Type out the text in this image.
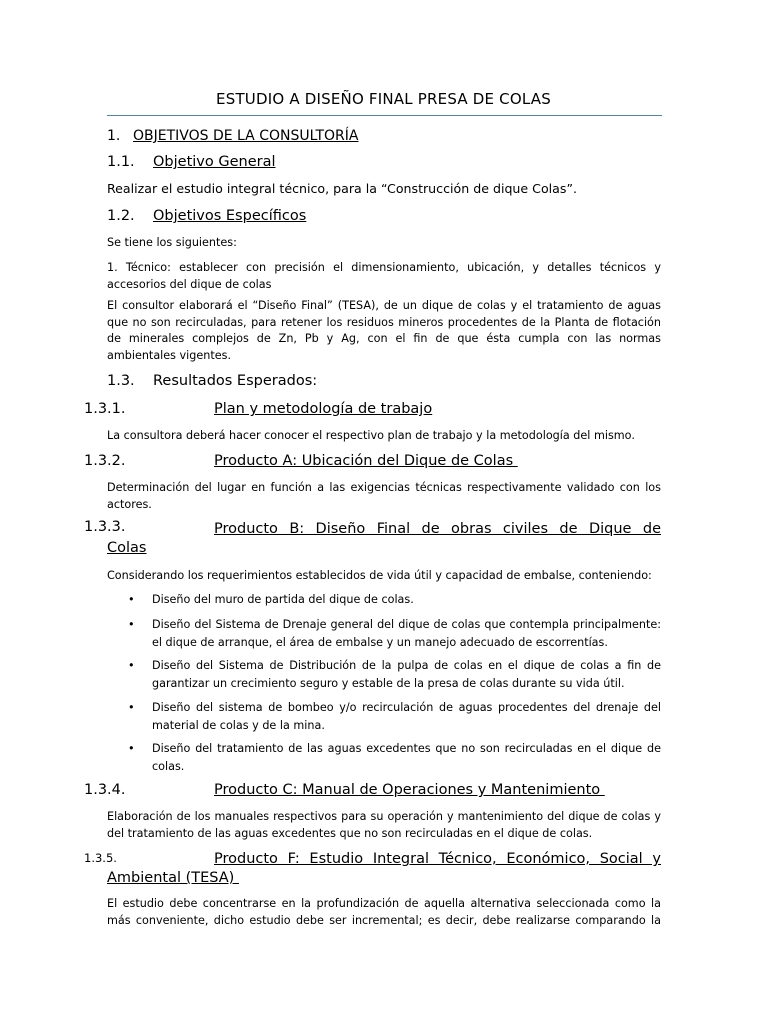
ESTUDIO A DISEÑO FINAL PRESA DE COLAS
1. OBJETIVOS DE LA CONSULTORÍA
1.1. Objetivo General
Realizar el estudio integral técnico, para la “Construcción de dique Colas”.
1.2. Objetivos Específicos
Se tiene los siguientes:
1. Técnico: establecer con precisión el dimensionamiento, ubicación, y detalles técnicos y
accesorios del dique de colas
El consultor elaborará el “Diseño Final” (TESA), de un dique de colas y el tratamiento de aguas
que no son recirculadas, para retener los residuos mineros procedentes de la Planta de flotación
de minerales complejos de Zn, Pb y Ag, con el fin de que ésta cumpla con las normas
ambientales vigentes.
1.3. Resultados Esperados:
1.3.1.	Plan y metodología de trabajo
La consultora deberá hacer conocer el respectivo plan de trabajo y la metodología del mismo.
1.3.2.	Producto A: Ubicación del Dique de Colas
Determinación del lugar en función a las exigencias técnicas respectivamente validado con los
actores.
1.3.3.	Producto B: Diseño Final de obras civiles de Dique de
Colas
Considerando los requerimientos establecidos de vida útil y capacidad de embalse, conteniendo:
• Diseño del muro de partida del dique de colas.
• Diseño del Sistema de Drenaje general del dique de colas que contempla principalmente:
el dique de arranque, el área de embalse y un manejo adecuado de escorrentías.
• Diseño del Sistema de Distribución de la pulpa de colas en el dique de colas a fin de
garantizar un crecimiento seguro y estable de la presa de colas durante su vida útil.
• Diseño del sistema de bombeo y/o recirculación de aguas procedentes del drenaje del
material de colas y de la mina.
• Diseño del tratamiento de las aguas excedentes que no son recirculadas en el dique de
colas.
1.3.4.	Producto C: Manual de Operaciones y Mantenimiento
Elaboración de los manuales respectivos para su operación y mantenimiento del dique de colas y
del tratamiento de las aguas excedentes que no son recirculadas en el dique de colas.
1.3.5.	Producto F: Estudio Integral Técnico, Económico, Social y
Ambiental (TESA)
El estudio debe concentrarse en la profundización de aquella alternativa seleccionada como la
más conveniente, dicho estudio debe ser incremental; es decir, debe realizarse comparando la
